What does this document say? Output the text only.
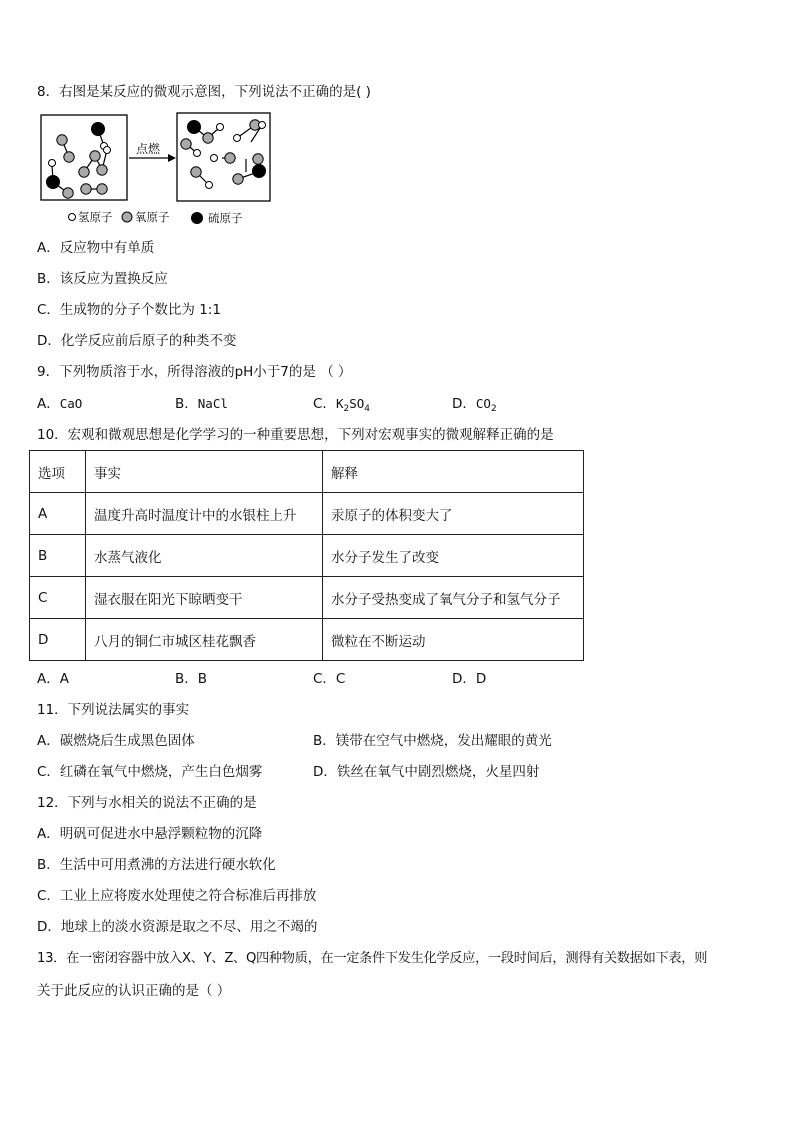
8．右图是某反应的微观示意图，下列说法不正确的是( )
点燃
氢原子 氧原子	硫原子
A．反应物中有单质
B．该反应为置换反应
C．生成物的分子个数比为 1:1
D．化学反应前后原子的种类不变
9．下列物质溶于水，所得溶液的pH小于7的是 （ ）
A．CaO	B．NaCl	C．$K_2SO_4$	D．$CO_2$
10．宏观和微观思想是化学学习的一种重要思想，下列对宏观事实的微观解释正确的是
选项	事实	解释
A	温度升高时温度计中的水银柱上升	汞原子的体积变大了
B	水蒸气液化	水分子发生了改变
C	湿衣服在阳光下晾晒变干	水分子受热变成了氧气分子和氢气分子
D	八月的铜仁市城区桂花飘香	微粒在不断运动
A．A	B．B	C．C	D．D
11．下列说法属实的事实
A．碳燃烧后生成黑色固体	B．镁带在空气中燃烧，发出耀眼的黄光
C．红磷在氧气中燃烧，产生白色烟雾	D．铁丝在氧气中剧烈燃烧，火星四射
12．下列与水相关的说法不正确的是
A．明矾可促进水中悬浮颗粒物的沉降
B．生活中可用煮沸的方法进行硬水软化
C．工业上应将废水处理使之符合标准后再排放
D．地球上的淡水资源是取之不尽、用之不竭的
13．在一密闭容器中放入X、Y、Z、Q四种物质，在一定条件下发生化学反应，一段时间后，测得有关数据如下表，则
关于此反应的认识正确的是（ ）
